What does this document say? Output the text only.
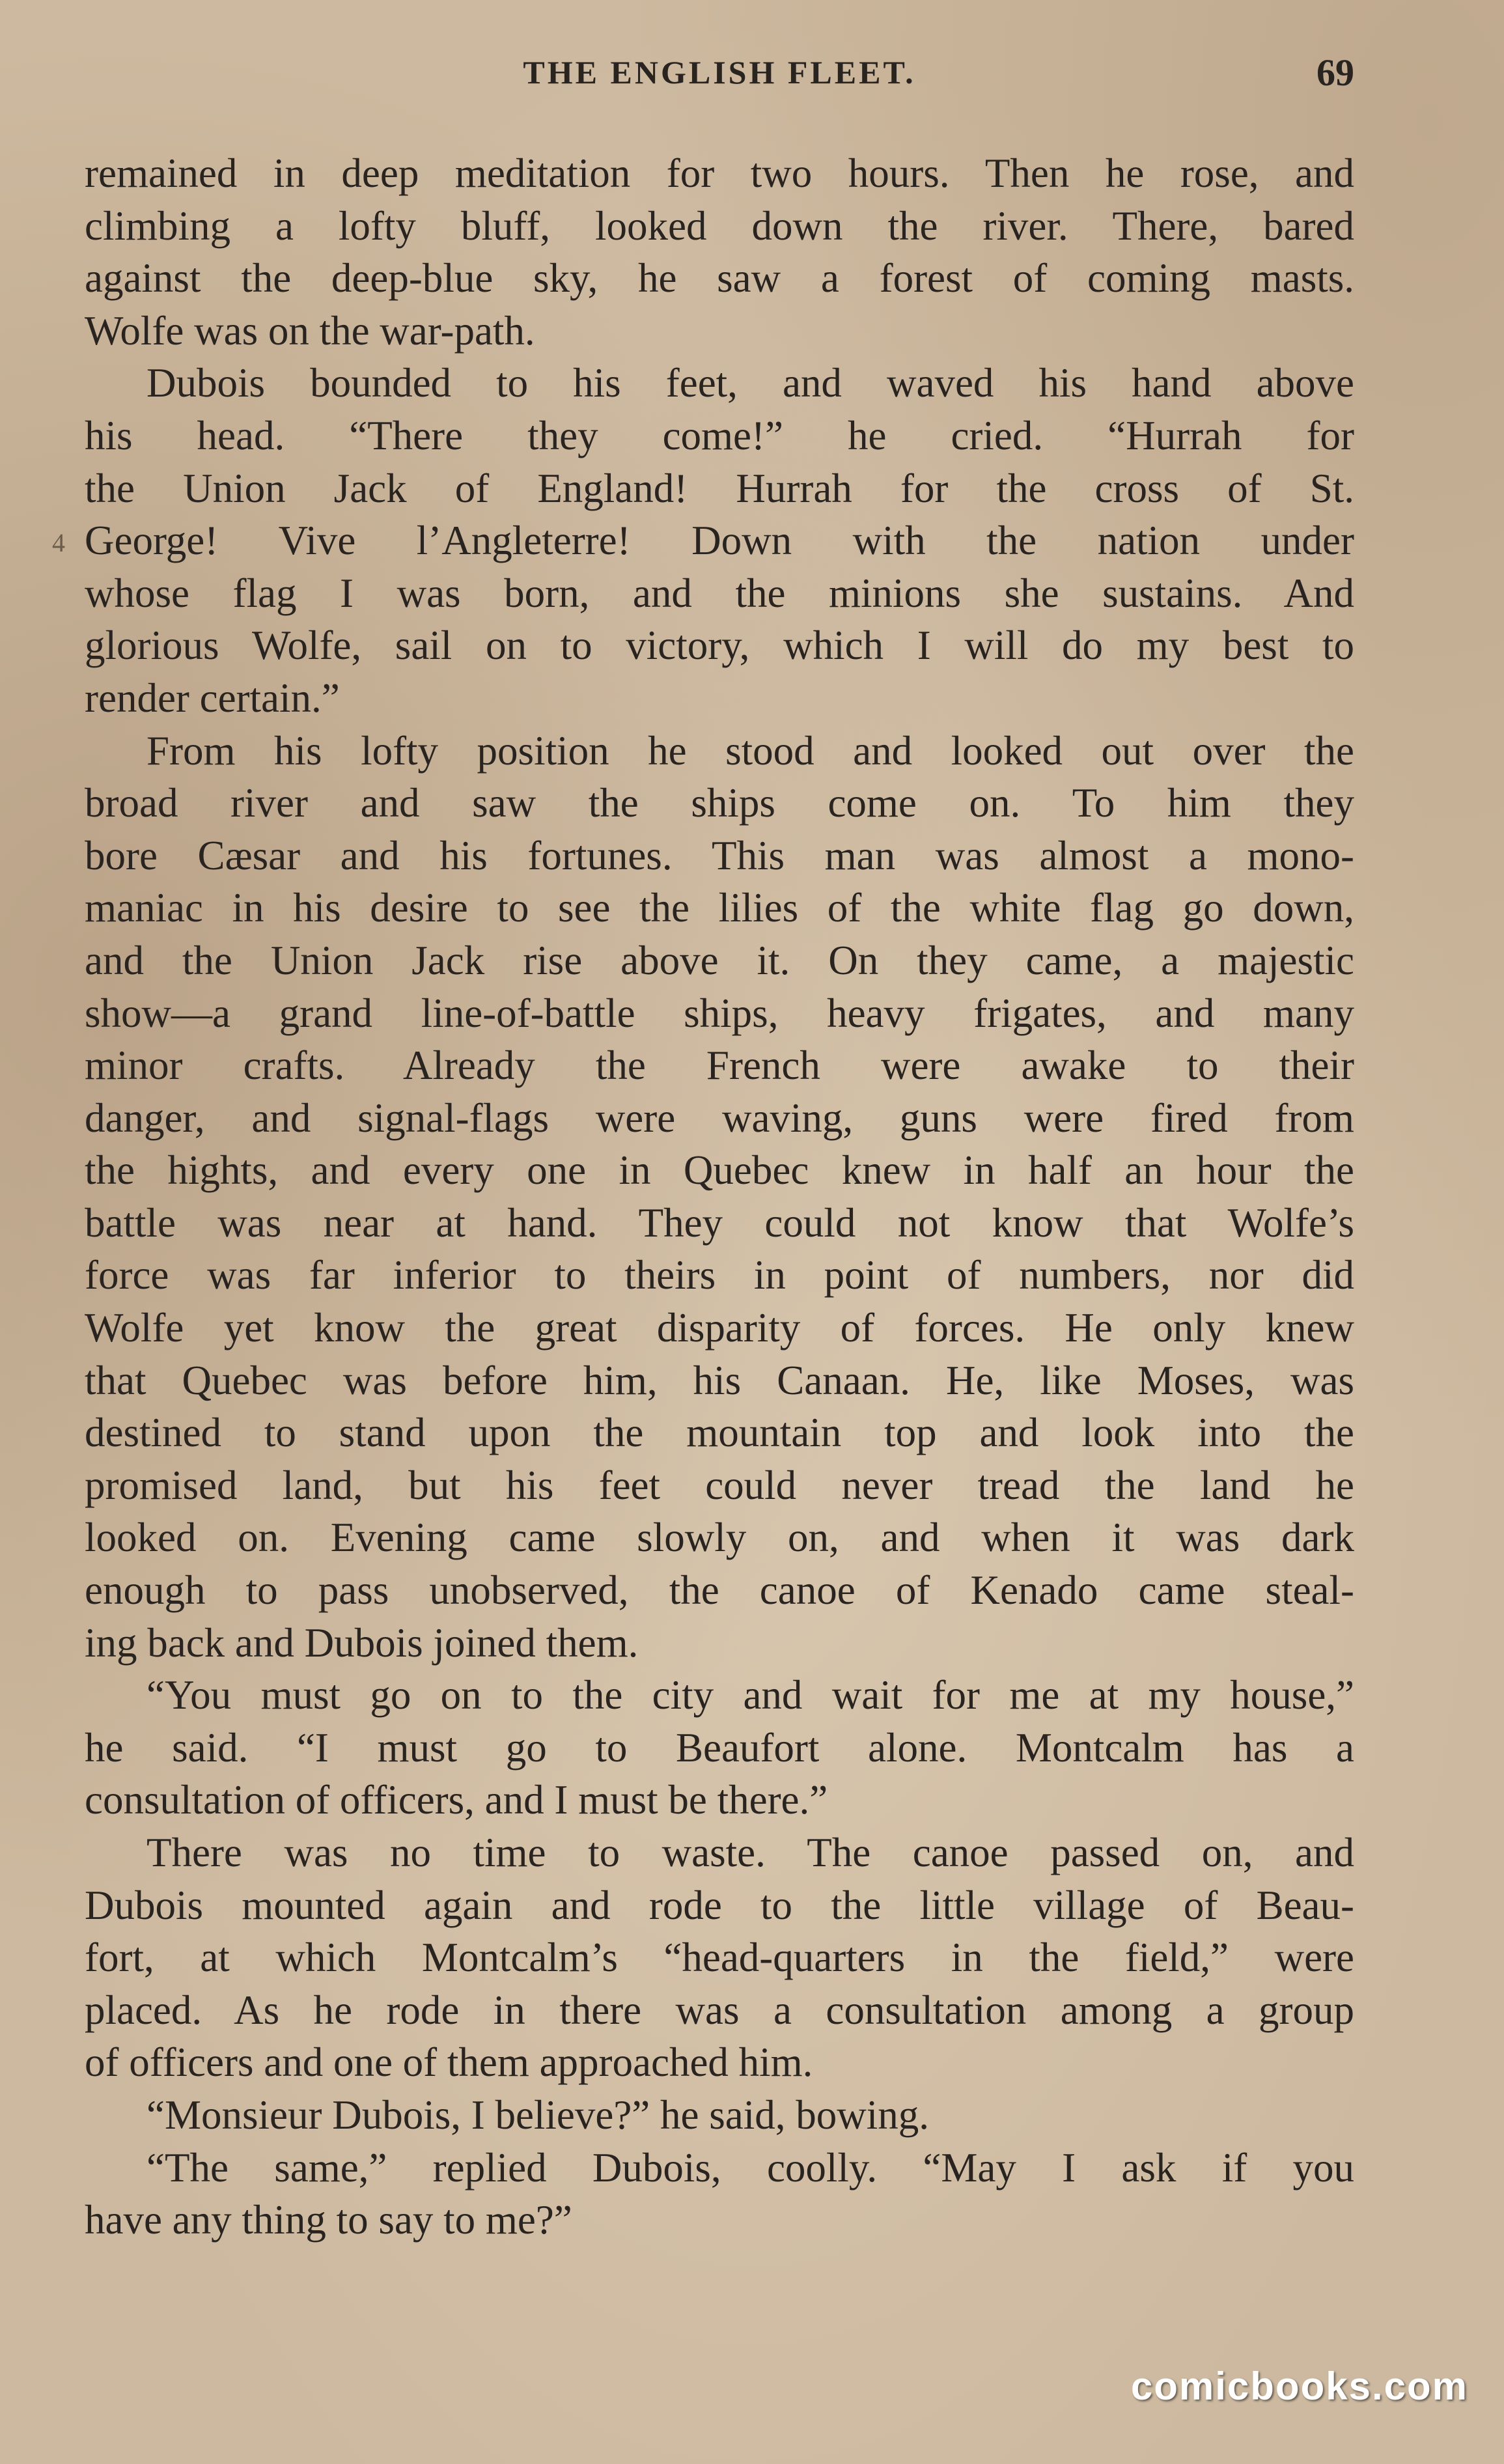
THE ENGLISH FLEET.	69
4
remained in deep meditation for two hours. Then he rose, and
climbing a lofty bluff, looked down the river. There, bared
against the deep-blue sky, he saw a forest of coming masts.
Wolfe was on the war-path.
Dubois bounded to his feet, and waved his hand above
his head. “There they come!” he cried. “Hurrah for
the Union Jack of England! Hurrah for the cross of St.
George! Vive l’Angleterre! Down with the nation under
whose flag I was born, and the minions she sustains. And
glorious Wolfe, sail on to victory, which I will do my best to
render certain.”
From his lofty position he stood and looked out over the
broad river and saw the ships come on. To him they
bore Cæsar and his fortunes. This man was almost a mono-
maniac in his desire to see the lilies of the white flag go down,
and the Union Jack rise above it. On they came, a majestic
show—a grand line-of-battle ships, heavy frigates, and many
minor crafts. Already the French were awake to their
danger, and signal-flags were waving, guns were fired from
the hights, and every one in Quebec knew in half an hour the
battle was near at hand. They could not know that Wolfe’s
force was far inferior to theirs in point of numbers, nor did
Wolfe yet know the great disparity of forces. He only knew
that Quebec was before him, his Canaan. He, like Moses, was
destined to stand upon the mountain top and look into the
promised land, but his feet could never tread the land he
looked on. Evening came slowly on, and when it was dark
enough to pass unobserved, the canoe of Kenado came steal-
ing back and Dubois joined them.
“You must go on to the city and wait for me at my house,”
he said. “I must go to Beaufort alone. Montcalm has a
consultation of officers, and I must be there.”
There was no time to waste. The canoe passed on, and
Dubois mounted again and rode to the little village of Beau-
fort, at which Montcalm’s “head-quarters in the field,” were
placed. As he rode in there was a consultation among a group
of officers and one of them approached him.
“Monsieur Dubois, I believe?” he said, bowing.
“The same,” replied Dubois, coolly. “May I ask if you
have any thing to say to me?”
comicbooks.com
